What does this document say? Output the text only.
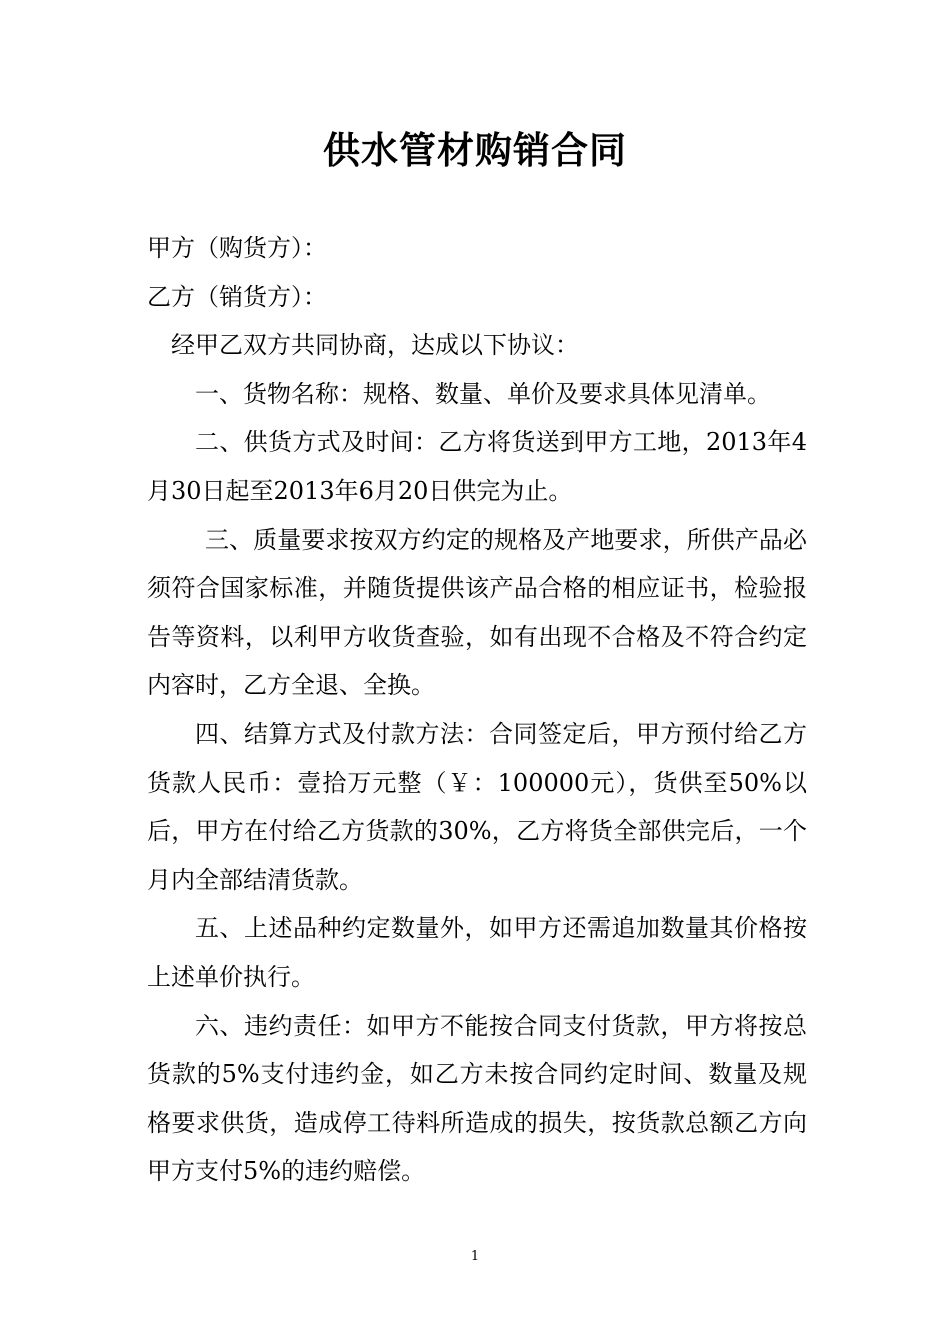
供水管材购销合同

甲方（购货方）：

乙方（销货方）：

经甲乙双方共同协商，达成以下协议：

一、货物名称：规格、数量、单价及要求具体见清单。

二、供货方式及时间：乙方将货送到甲方工地，2013年4月30日起至2013年6月20日供完为止。

三、质量要求按双方约定的规格及产地要求，所供产品必须符合国家标准，并随货提供该产品合格的相应证书，检验报告等资料，以利甲方收货查验，如有出现不合格及不符合约定内容时，乙方全退、全换。

四、结算方式及付款方法：合同签定后，甲方预付给乙方货款人民币：壹拾万元整（￥：100000元），货供至50%以后，甲方在付给乙方货款的30%，乙方将货全部供完后，一个月内全部结清货款。

五、上述品种约定数量外，如甲方还需追加数量其价格按上述单价执行。

六、违约责任：如甲方不能按合同支付货款，甲方将按总货款的5%支付违约金，如乙方未按合同约定时间、数量及规格要求供货，造成停工待料所造成的损失，按货款总额乙方向甲方支付5%的违约赔偿。

1
